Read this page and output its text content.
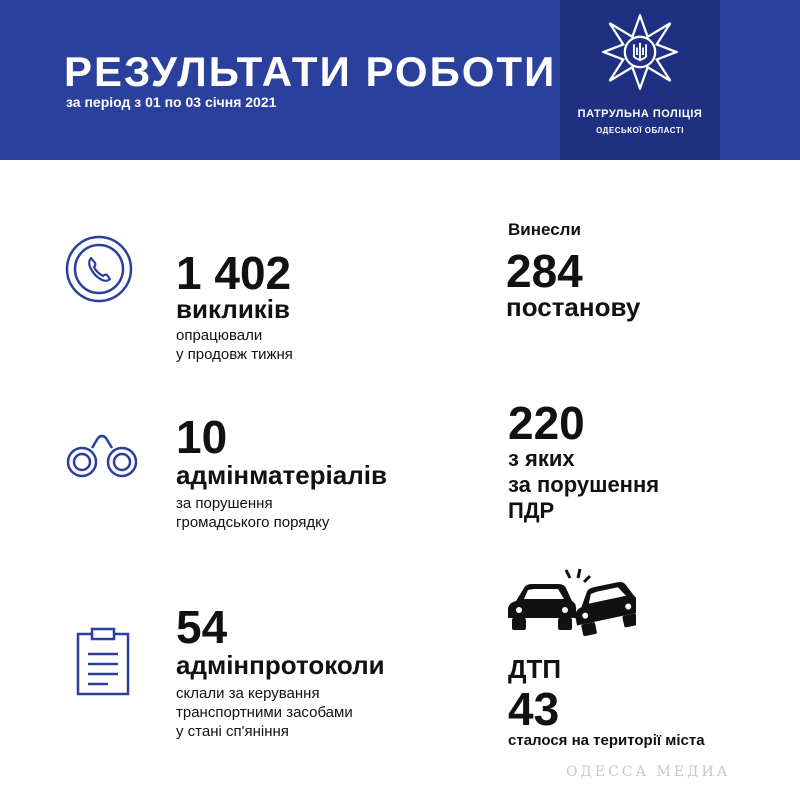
РЕЗУЛЬТАТИ РОБОТИ
за період з 01 по 03 січня 2021
ПАТРУЛЬНА ПОЛІЦІЯ
ОДЕСЬКОЇ ОБЛАСТІ
1 402
викликів
опрацювали
у продовж тижня
10
адмінматеріалів
за порушення
громадського порядку
54
адмінпротоколи
склали за керування
транспортними засобами
у стані сп'яніння
Винесли
284
постанову
220
з яких
за порушення
ПДР
ДТП
43
сталося на території міста
ОДЕССА МЕДИА
